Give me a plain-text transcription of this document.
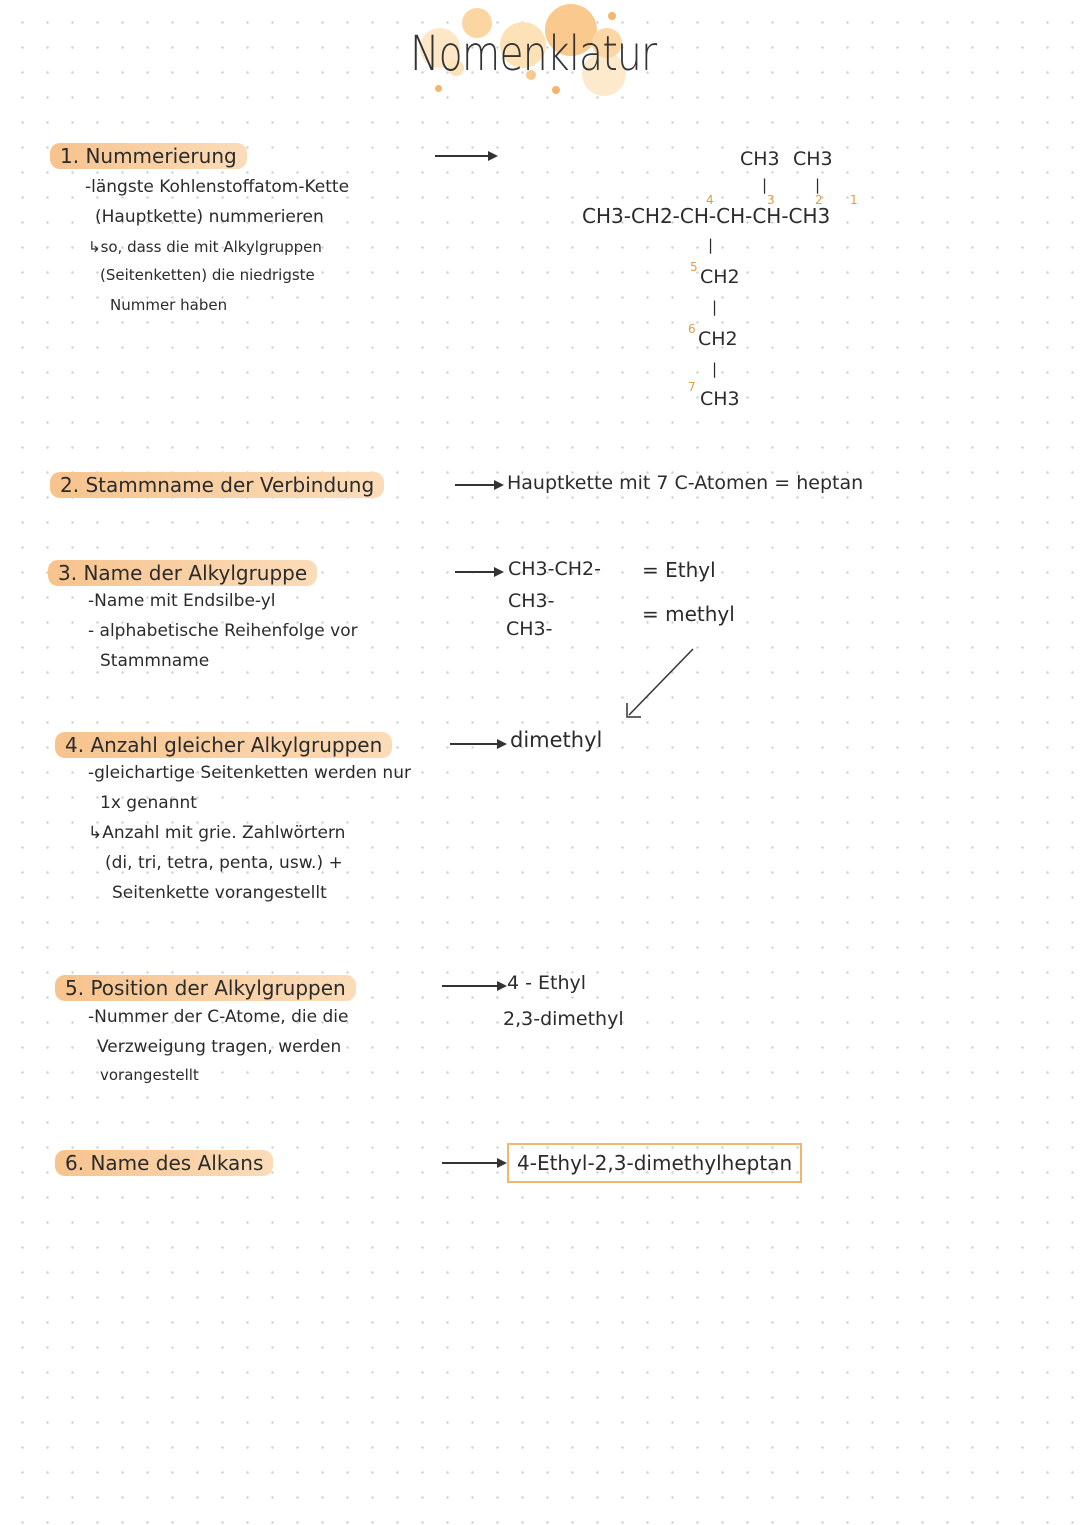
Nomenklatur
1. Nummerierung
-längste Kohlenstoffatom-Kette
(Hauptkette) nummerieren
↳so, dass die mit Alkylgruppen
(Seitenketten) die niedrigste
Nummer haben
CH3 CH3
|	|
4	3	2 1
CH3-CH2-CH-CH-CH-CH3
|
5 CH2
|
6 CH2
|
7
CH3
2. Stammname der Verbindung	Hauptkette mit 7 C-Atomen = heptan
3. Name der Alkylgruppe
-Name mit Endsilbe-yl
- alphabetische Reihenfolge vor
Stammname
CH3-CH2-
CH3-
CH3-
= Ethyl
= methyl
4. Anzahl gleicher Alkylgruppen
-gleichartige Seitenketten werden nur
1x genannt
↳Anzahl mit grie. Zahlwörtern
(di, tri, tetra, penta, usw.) +
Seitenkette vorangestellt
dimethyl
5. Position der Alkylgruppen
-Nummer der C-Atome, die die
Verzweigung tragen, werden
vorangestellt
4 - Ethyl
2,3-dimethyl
6. Name des Alkans	4-Ethyl-2,3-dimethylheptan
